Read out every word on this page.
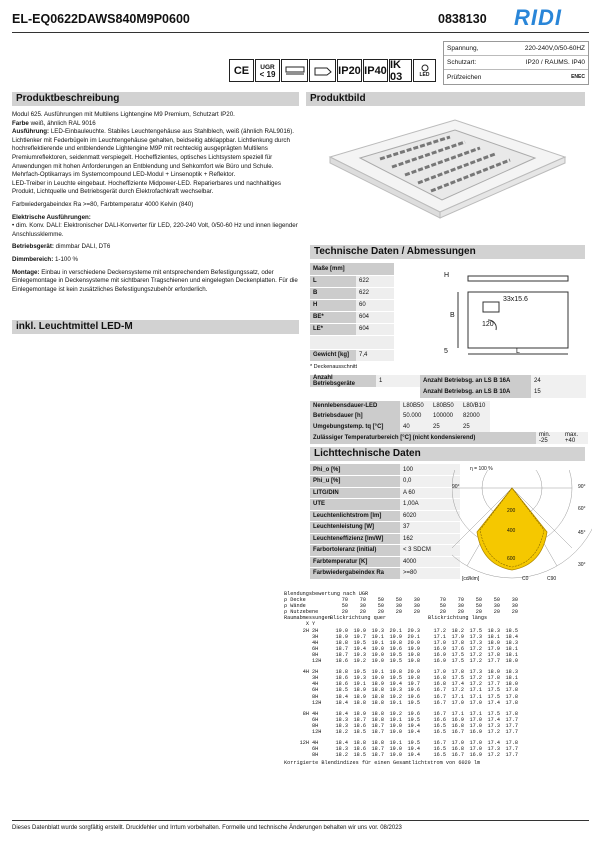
EL-EQ0622DAWS840M9P0600	0838130 RIDI
CE	UGR
< 19	IP20 IP40 IK 03	LED
Spannung,	220-240V,0/50-60HZ
Schutzart:	IP20 / RAUMS. IP40
Prüfzeichen	ENEC
Produktbeschreibung	Produktbild
Modul 625. Ausführungen mit Multilens Lightengine M9 Premium, Schutzart IP20.
Farbe weiß, ähnlich RAL 9016
Ausführung: LED-Einbauleuchte. Stabiles Leuchtengehäuse aus Stahlblech, weiß (ähnlich RAL9016). Lichtlenker mit Federbügeln im Leuchtengehäuse gehalten, beidseitig abklappbar. Lichtlenkung durch hochreflektierende und entblendende Lightengine M9P mit rechteckig ausgeprägten Multilens Premiumreflektoren, seidenmatt verspiegelt. Hocheffizientes, optisches Lichtsystem speziell für Anwendungen mit hohen Anforderungen an Entblendung und Sehkomfort wie Büro und Schule. Mehrfach-Optikarrays im Systemcompound LED-Modul + Linsenoptik + Reflektor.
LED-Treiber in Leuchte eingebaut. Hocheffiziente Midpower-LED. Reparierbares und nachhaltiges Produkt, Lichtquelle und Betriebsgerät durch Elektrofachkraft wechselbar.
Farbwiedergabeindex Ra >=80, Farbtemperatur 4000 Kelvin (840)
Elektrische Ausführungen:
• dim. Konv. DALI: Elektronischer DALI-Konverter für LED, 220-240 Volt, 0/50-60 Hz und innen liegender Anschlussklemme.
Betriebsgerät: dimmbar DALI, DT6
Dimmbereich: 1-100 %
Montage: Einbau in verschiedene Deckensysteme mit entsprechendem Befestigungssatz, oder Einlegemontage in Deckensysteme mit sichtbaren Tragschienen und eingelegten Deckenplatten. Für die Einlegemontage ist kein zusätzliches Befestigungszubehör erforderlich.
inkl. Leuchtmittel LED-M
Technische Daten / Abmessungen
Maße [mm]	
L	622
B	622
H	60
BE*	604
LE*	604

Gewicht [kg]	7,4
* Deckenausschnitt
H
B
L
33x15.6
120
5
Anzahl Betriebsgeräte	1	Anzahl Betriebsg. an LS B 16A	24
		Anzahl Betriebsg. an LS B 10A	15
Nennlebensdauer-LED	L80B50	L80B50	L80/B10
Betriebsdauer [h]	50.000	100000	82000
Umgebungstemp. tq [°C]	40	25	25
Zulässiger Temperaturbereich [°C] (nicht kondensierend)	min. -25	max. +40
Lichttechnische Daten
Phi_o [%]	100
Phi_u [%]	0,0
LITG/DIN	A 60
UTE	1,00A
Leuchtenlichtstrom [lm]	6020
Leuchtenleistung [W]	37
Leuchteneffizienz [lm/W]	162
Farbortoleranz (initial)	< 3 SDCM
Farbtemperatur [K]	4000
Farbwiedergabeindex Ra	>=80
η = 100 %
90°	90°
60°
45°
30°
200
400
600
[cd/klm]	C0	C90
Blendungsbewertung nach UGR
ρ Decke	70	70	50	50	30	70	70	50	50	30
ρ Wände	50	30	50	30	30	50	30	50	30	30
ρ Nutzebene	20	20	20	20	20	20	20	20	20	20
Raumabmessungen Blickrichtung quer	Blickrichtung längs
X Y
2H 2H	19.0	19.9	19.3	20.1	20.3	17.2	18.2	17.5	18.3	18.5
3H	18.9	19.7	19.1	19.9	20.1	17.1	17.9	17.3	18.1	18.4
4H	18.8	19.5	19.1	19.8	20.0	17.0	17.8	17.3	18.0	18.3
6H	18.7	19.4	19.0	19.6	19.9	16.9	17.6	17.2	17.9	18.1
8H	18.7	19.3	19.0	19.5	19.8	16.9	17.5	17.2	17.8	18.1
12H	18.6	19.2	19.0	19.5	19.8	16.9	17.5	17.2	17.7	18.0
4H 2H	18.8	19.5	19.1	19.8	20.0	17.0	17.8	17.3	18.0	18.3
3H	18.6	19.3	19.0	19.5	19.8	16.8	17.5	17.2	17.8	18.1
4H	18.6	19.1	18.9	19.4	19.7	16.8	17.4	17.2	17.7	18.0
6H	18.5	18.9	18.8	19.3	19.6	16.7	17.2	17.1	17.5	17.8
8H	18.4	18.9	18.8	19.2	19.6	16.7	17.1	17.1	17.5	17.8
12H	18.4	18.8	18.8	19.1	19.5	16.7	17.0	17.0	17.4	17.8
8H 4H	18.4	18.9	18.8	19.2	19.6	16.7	17.1	17.1	17.5	17.8
6H	18.3	18.7	18.8	19.1	19.5	16.6	16.9	17.0	17.4	17.7
8H	18.3	18.6	18.7	19.0	19.4	16.5	16.8	17.0	17.3	17.7
12H	18.2	18.5	18.7	19.0	19.4	16.5	16.7	16.9	17.2	17.7
12H 4H	18.4	18.8	18.8	19.1	19.5	16.7	17.0	17.0	17.4	17.8
6H	18.3	18.6	18.7	19.0	19.4	16.5	16.8	17.0	17.3	17.7
8H	18.2	18.5	18.7	19.0	19.4	16.5	16.7	16.9	17.2	17.7
Korrigierte Blendindizes für einen Gesamtlichtstrom von 6020 lm
Dieses Datenblatt wurde sorgfältig erstellt. Druckfehler und Irrtum vorbehalten. Formelle und technische Änderungen behalten wir uns vor. 08/2023
